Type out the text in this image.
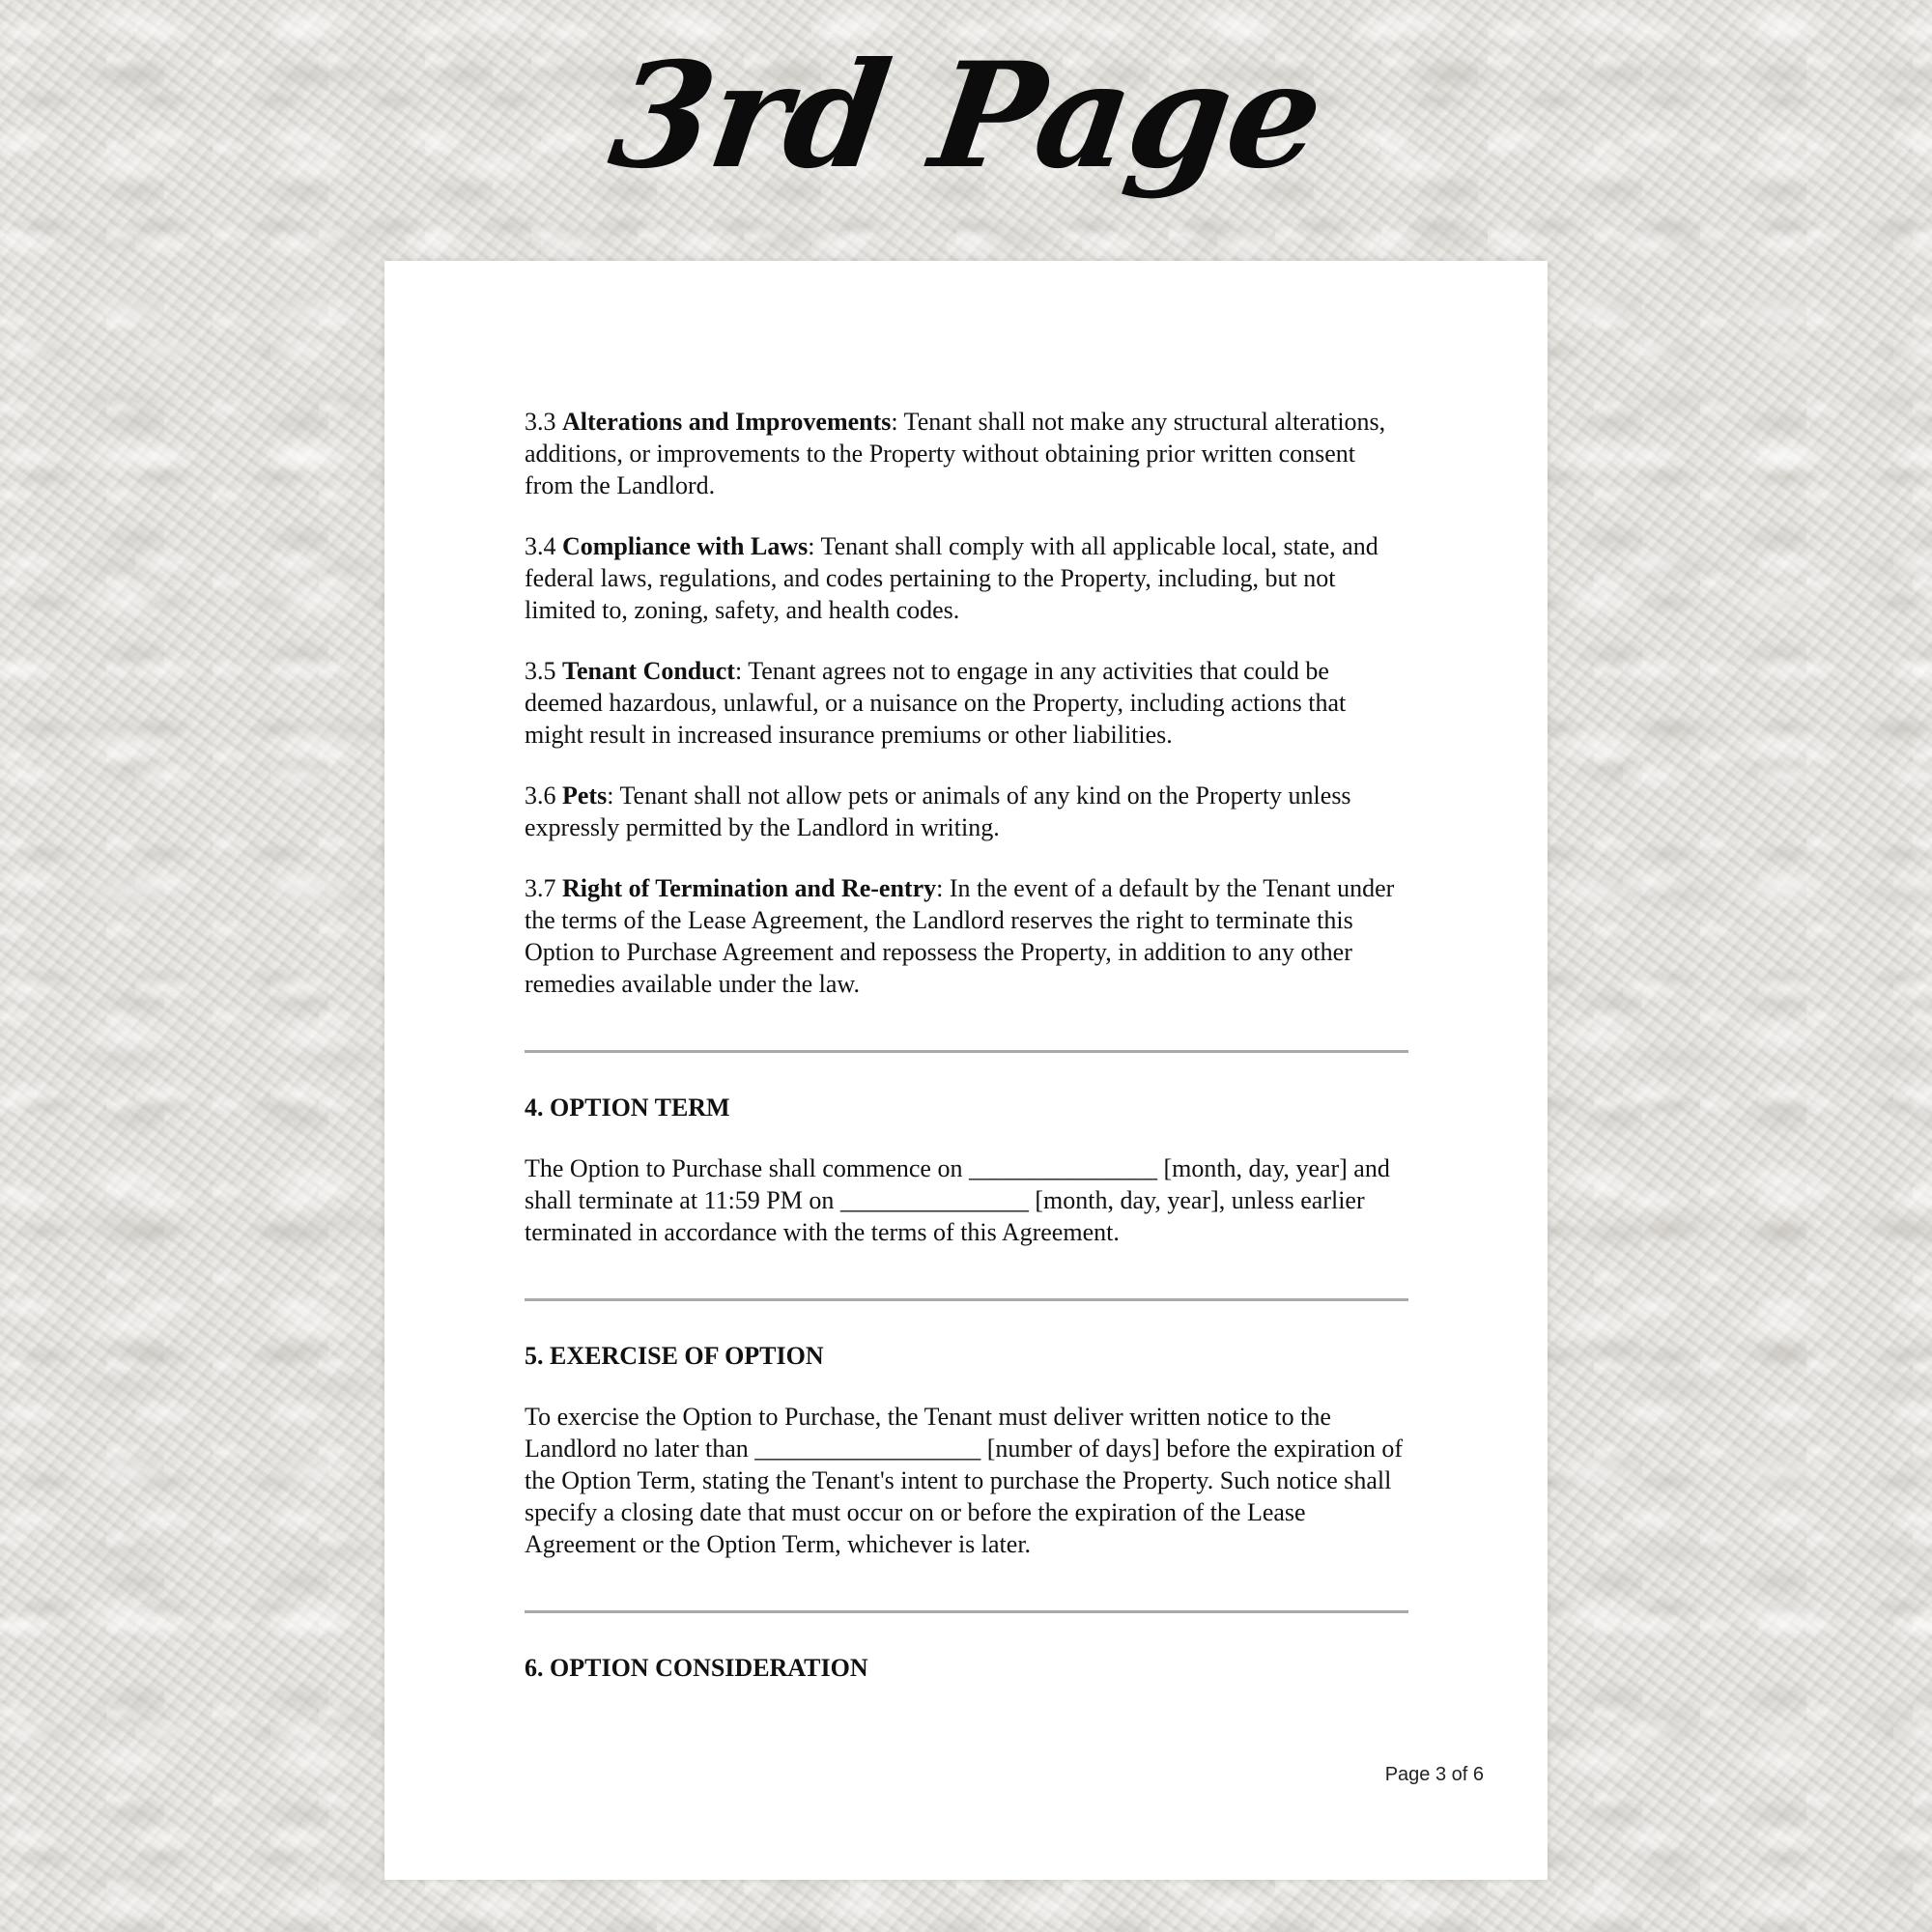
3rd Page

3.3 Alterations and Improvements: Tenant shall not make any structural alterations, additions, or improvements to the Property without obtaining prior written consent from the Landlord.

3.4 Compliance with Laws: Tenant shall comply with all applicable local, state, and federal laws, regulations, and codes pertaining to the Property, including, but not limited to, zoning, safety, and health codes.

3.5 Tenant Conduct: Tenant agrees not to engage in any activities that could be deemed hazardous, unlawful, or a nuisance on the Property, including actions that might result in increased insurance premiums or other liabilities.

3.6 Pets: Tenant shall not allow pets or animals of any kind on the Property unless expressly permitted by the Landlord in writing.

3.7 Right of Termination and Re-entry: In the event of a default by the Tenant under the terms of the Lease Agreement, the Landlord reserves the right to terminate this Option to Purchase Agreement and repossess the Property, in addition to any other remedies available under the law.

4. OPTION TERM

The Option to Purchase shall commence on _______________ [month, day, year] and shall terminate at 11:59 PM on _______________ [month, day, year], unless earlier terminated in accordance with the terms of this Agreement.

5. EXERCISE OF OPTION

To exercise the Option to Purchase, the Tenant must deliver written notice to the Landlord no later than __________________ [number of days] before the expiration of the Option Term, stating the Tenant's intent to purchase the Property. Such notice shall specify a closing date that must occur on or before the expiration of the Lease Agreement or the Option Term, whichever is later.

6. OPTION CONSIDERATION
Page 3 of 6
